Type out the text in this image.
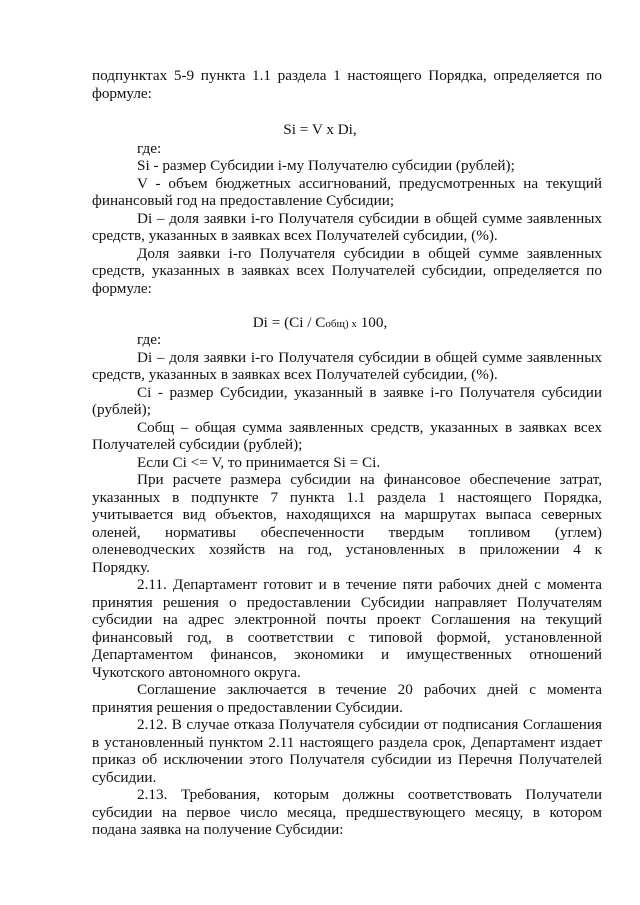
подпунктах 5-9 пункта 1.1 раздела 1 настоящего Порядка, определяется по
формуле:
Si = V x Di,
где:
Si - размер Субсидии i-му Получателю субсидии (рублей);
V - объем бюджетных ассигнований, предусмотренных на текущий
финансовый год на предоставление Субсидии;
Di – доля заявки i-го Получателя субсидии в общей сумме заявленных
средств, указанных в заявках всех Получателей субсидии, (%).
Доля заявки i-го Получателя субсидии в общей сумме заявленных
средств, указанных в заявках всех Получателей субсидии, определяется по
формуле:
Di = (Ci / Cобщ) х 100,
где:
Di – доля заявки i-го Получателя субсидии в общей сумме заявленных
средств, указанных в заявках всех Получателей субсидии, (%).
Ci - размер Субсидии, указанный в заявке i-го Получателя субсидии
(рублей);
Cобщ – общая сумма заявленных средств, указанных в заявках всех
Получателей субсидии (рублей);
Если Ci <= V, то принимается Si = Ci.
При расчете размера субсидии на финансовое обеспечение затрат,
указанных в подпункте 7 пункта 1.1 раздела 1 настоящего Порядка,
учитывается вид объектов, находящихся на маршрутах выпаса северных
оленей, нормативы обеспеченности твердым топливом (углем)
оленеводческих хозяйств на год, установленных в приложении 4 к
Порядку.
2.11. Департамент готовит и в течение пяти рабочих дней с момента
принятия решения о предоставлении Субсидии направляет Получателям
субсидии на адрес электронной почты проект Соглашения на текущий
финансовый год, в соответствии с типовой формой, установленной
Департаментом финансов, экономики и имущественных отношений
Чукотского автономного округа.
Соглашение заключается в течение 20 рабочих дней с момента
принятия решения о предоставлении Субсидии.
2.12. В случае отказа Получателя субсидии от подписания Соглашения
в установленный пунктом 2.11 настоящего раздела срок, Департамент издает
приказ об исключении этого Получателя субсидии из Перечня Получателей
субсидии.
2.13. Требования, которым должны соответствовать Получатели
субсидии на первое число месяца, предшествующего месяцу, в котором
подана заявка на получение Субсидии:
